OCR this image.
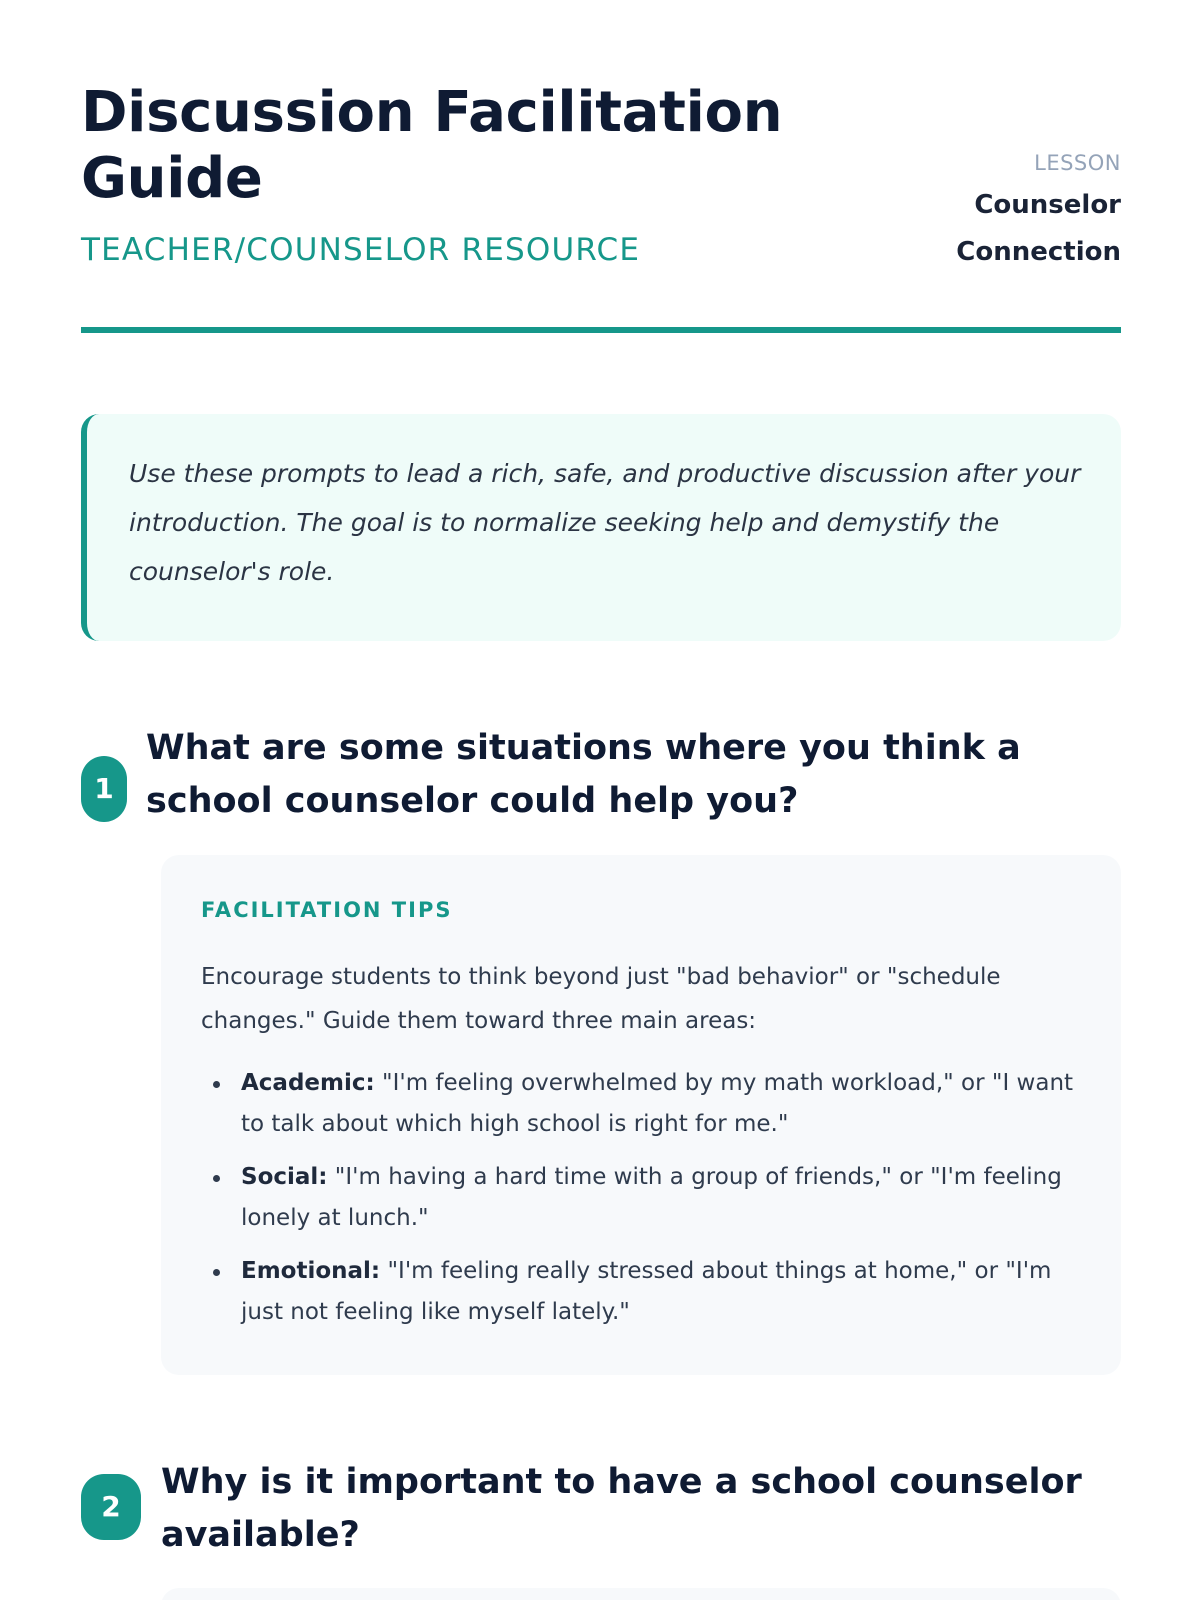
Discussion Facilitation Guide
TEACHER/COUNSELOR RESOURCE
LESSON
Counselor Connection

Use these prompts to lead a rich, safe, and productive discussion after your introduction. The goal is to normalize seeking help and demystify the counselor's role.

1
What are some situations where you think a school counselor could help you?
FACILITATION TIPS

Encourage students to think beyond just "bad behavior" or "schedule changes." Guide them toward three main areas:

Academic: "I'm feeling overwhelmed by my math workload," or "I want to talk about which high school is right for me."
Social: "I'm having a hard time with a group of friends," or "I'm feeling lonely at lunch."
Emotional: "I'm feeling really stressed about things at home," or "I'm just not feeling like myself lately."
2
Why is it important to have a school counselor available?
